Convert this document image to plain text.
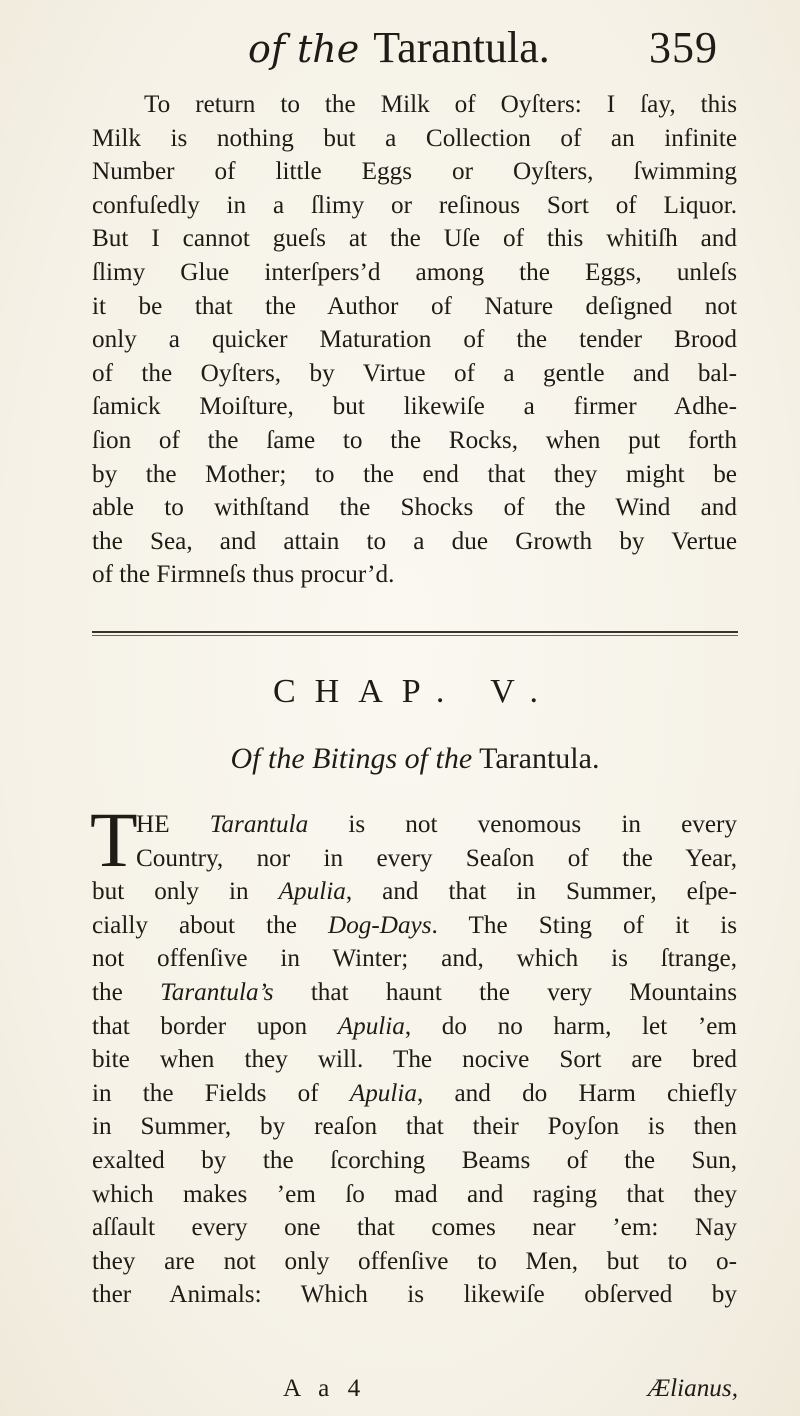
of the Tarantula. 359
To return to the Milk of Oyſters: I ſay, this
Milk is nothing but a Collection of an infinite
Number of little Eggs or Oyſters, ſwimming
confuſedly in a ſlimy or reſinous Sort of Liquor.
But I cannot gueſs at the Uſe of this whitiſh and
ſlimy Glue interſpers’d among the Eggs, unleſs
it be that the Author of Nature deſigned not
only a quicker Maturation of the tender Brood
of the Oyſters, by Virtue of a gentle and bal-
ſamick Moiſture, but likewiſe a firmer Adhe-
ſion of the ſame to the Rocks, when put forth
by the Mother; to the end that they might be
able to withſtand the Shocks of the Wind and
the Sea, and attain to a due Growth by Vertue
of the Firmneſs thus procur’d.
CHAP. V.
Of the Bitings of the Tarantula.
T
HE Tarantula is not venomous in every
Country, nor in every Seaſon of the Year,
but only in Apulia, and that in Summer, eſpe-
cially about the Dog-Days. The Sting of it is
not offenſive in Winter; and, which is ſtrange,
the Tarantula’s that haunt the very Mountains
that border upon Apulia, do no harm, let ’em
bite when they will. The nocive Sort are bred
in the Fields of Apulia, and do Harm chiefly
in Summer, by reaſon that their Poyſon is then
exalted by the ſcorching Beams of the Sun,
which makes ’em ſo mad and raging that they
aſſault every one that comes near ’em: Nay
they are not only offenſive to Men, but to o-
ther Animals: Which is likewiſe obſerved by
A a 4	Ælianus,
